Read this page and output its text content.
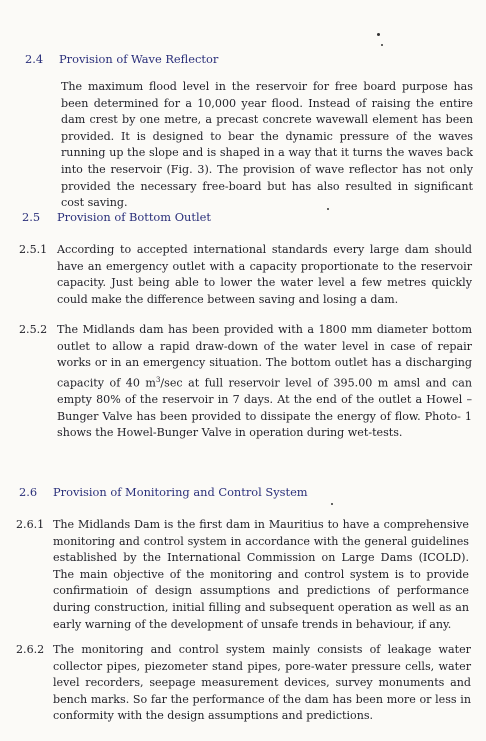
2.4 Provision of Wave Reflector
The maximum flood level in the reservoir for free board purpose has been determined for a 10,000 year flood. Instead of raising the entire dam crest by one metre, a precast concrete wavewall element has been provided. It is designed to bear the dynamic pressure of the waves running up the slope and is shaped in a way that it turns the waves back into the reservoir (Fig. 3). The provision of wave reflector has not only provided the necessary free-board but has also resulted in significant cost saving.
2.5 Provision of Bottom Outlet
2.5.1 According to accepted international standards every large dam should have an emergency outlet with a capacity proportionate to the reservoir capacity. Just being able to lower the water level a few metres quickly could make the difference between saving and losing a dam.
2.5.2 The Midlands dam has been provided with a 1800 mm diameter bottom outlet to allow a rapid draw-down of the water level in case of repair works or in an emergency situation. The bottom outlet has a discharging capacity of 40 $m^3/\sec$ at full reservoir level of 395.00 m amsl and can empty 80% of the reservoir in 7 days. At the end of the outlet a Howel – Bunger Valve has been provided to dissipate the energy of flow. Photo- 1 shows the Howel-Bunger Valve in operation during wet-tests.
2.6 Provision of Monitoring and Control System
2.6.1 The Midlands Dam is the first dam in Mauritius to have a comprehensive monitoring and control system in accordance with the general guidelines established by the International Commission on Large Dams (ICOLD). The main objective of the monitoring and control system is to provide confirmatioin of design assumptions and predictions of performance during construction, initial filling and subsequent operation as well as an early warning of the development of unsafe trends in behaviour, if any.
2.6.2 The monitoring and control system mainly consists of leakage water collector pipes, piezometer stand pipes, pore-water pressure cells, water level recorders, seepage measurement devices, survey monuments and bench marks. So far the performance of the dam has been more or less in conformity with the design assumptions and predictions.
